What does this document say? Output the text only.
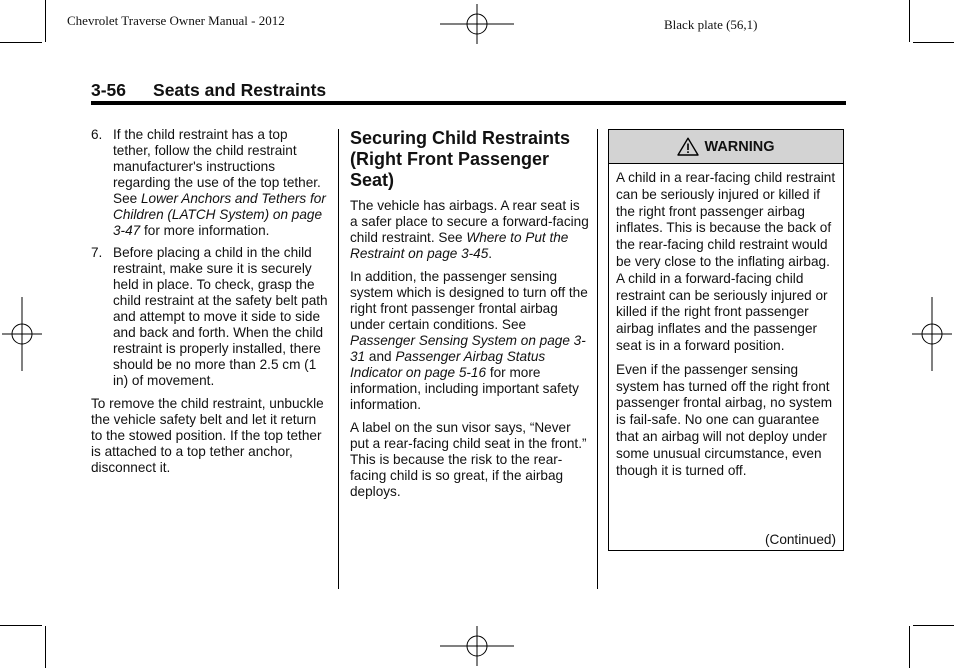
Chevrolet Traverse Owner Manual - 2012	Black plate (56,1)
3-56 Seats and Restraints
6. If the child restraint has a top tether, follow the child restraint manufacturer's instructions regarding the use of the top tether. See Lower Anchors and Tethers for Children (LATCH System) on page 3-47 for more information.
7. Before placing a child in the child restraint, make sure it is securely held in place. To check, grasp the child restraint at the safety belt path and attempt to move it side to side and back and forth. When the child restraint is properly installed, there should be no more than 2.5 cm (1 in) of movement.

To remove the child restraint, unbuckle the vehicle safety belt and let it return to the stowed position. If the top tether is attached to a top tether anchor, disconnect it.

Securing Child Restraints (Right Front Passenger Seat)

The vehicle has airbags. A rear seat is a safer place to secure a forward-facing child restraint. See Where to Put the Restraint on page 3-45.

In addition, the passenger sensing system which is designed to turn off the right front passenger frontal airbag under certain conditions. See Passenger Sensing System on page 3-31 and Passenger Airbag Status Indicator on page 5-16 for more information, including important safety information.

A label on the sun visor says, “Never put a rear-facing child seat in the front.” This is because the risk to the rear-facing child is so great, if the airbag deploys.

WARNING

A child in a rear-facing child restraint can be seriously injured or killed if the right front passenger airbag inflates. This is because the back of the rear-facing child restraint would be very close to the inflating airbag. A child in a forward-facing child restraint can be seriously injured or killed if the right front passenger airbag inflates and the passenger seat is in a forward position.

Even if the passenger sensing system has turned off the right front passenger frontal airbag, no system is fail-safe. No one can guarantee that an airbag will not deploy under some unusual circumstance, even though it is turned off.

(Continued)
